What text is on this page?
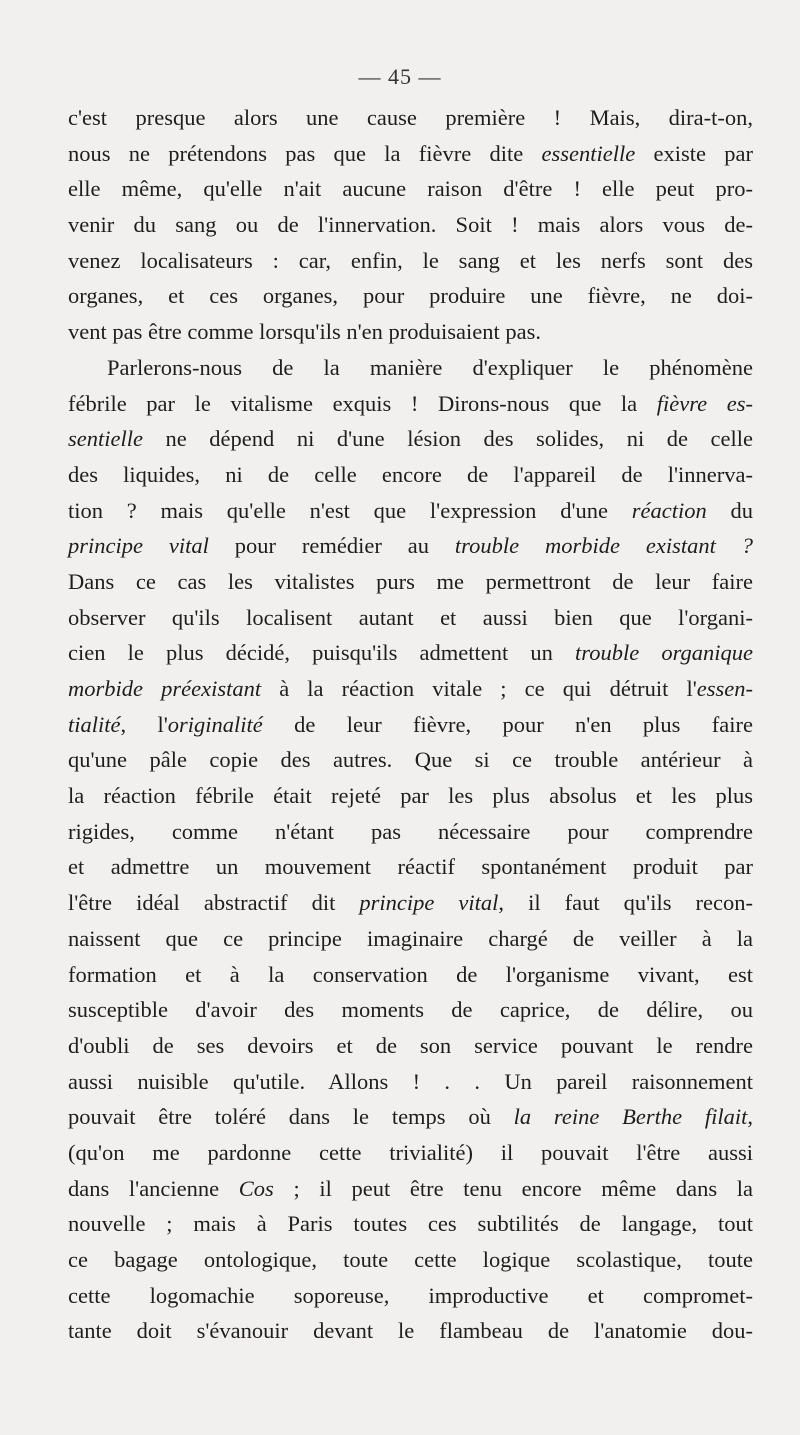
— 45 —
c'est presque alors une cause première ! Mais, dira-t-on,
nous ne prétendons pas que la fièvre dite essentielle existe par
elle même, qu'elle n'ait aucune raison d'être ! elle peut pro-
venir du sang ou de l'innervation. Soit ! mais alors vous de-
venez localisateurs : car, enfin, le sang et les nerfs sont des
organes, et ces organes, pour produire une fièvre, ne doi-
vent pas être comme lorsqu'ils n'en produisaient pas.
Parlerons-nous de la manière d'expliquer le phénomène
fébrile par le vitalisme exquis ! Dirons-nous que la fièvre es-
sentielle ne dépend ni d'une lésion des solides, ni de celle
des liquides, ni de celle encore de l'appareil de l'innerva-
tion ? mais qu'elle n'est que l'expression d'une réaction du
principe vital pour remédier au trouble morbide existant ?
Dans ce cas les vitalistes purs me permettront de leur faire
observer qu'ils localisent autant et aussi bien que l'organi-
cien le plus décidé, puisqu'ils admettent un trouble organique
morbide préexistant à la réaction vitale ; ce qui détruit l'essen-
tialité, l'originalité de leur fièvre, pour n'en plus faire
qu'une pâle copie des autres. Que si ce trouble antérieur à
la réaction fébrile était rejeté par les plus absolus et les plus
rigides, comme n'étant pas nécessaire pour comprendre
et admettre un mouvement réactif spontanément produit par
l'être idéal abstractif dit principe vital, il faut qu'ils recon-
naissent que ce principe imaginaire chargé de veiller à la
formation et à la conservation de l'organisme vivant, est
susceptible d'avoir des moments de caprice, de délire, ou
d'oubli de ses devoirs et de son service pouvant le rendre
aussi nuisible qu'utile. Allons ! . . Un pareil raisonnement
pouvait être toléré dans le temps où la reine Berthe filait,
(qu'on me pardonne cette trivialité) il pouvait l'être aussi
dans l'ancienne Cos ; il peut être tenu encore même dans la
nouvelle ; mais à Paris toutes ces subtilités de langage, tout
ce bagage ontologique, toute cette logique scolastique, toute
cette logomachie soporeuse, improductive et compromet-
tante doit s'évanouir devant le flambeau de l'anatomie dou-
